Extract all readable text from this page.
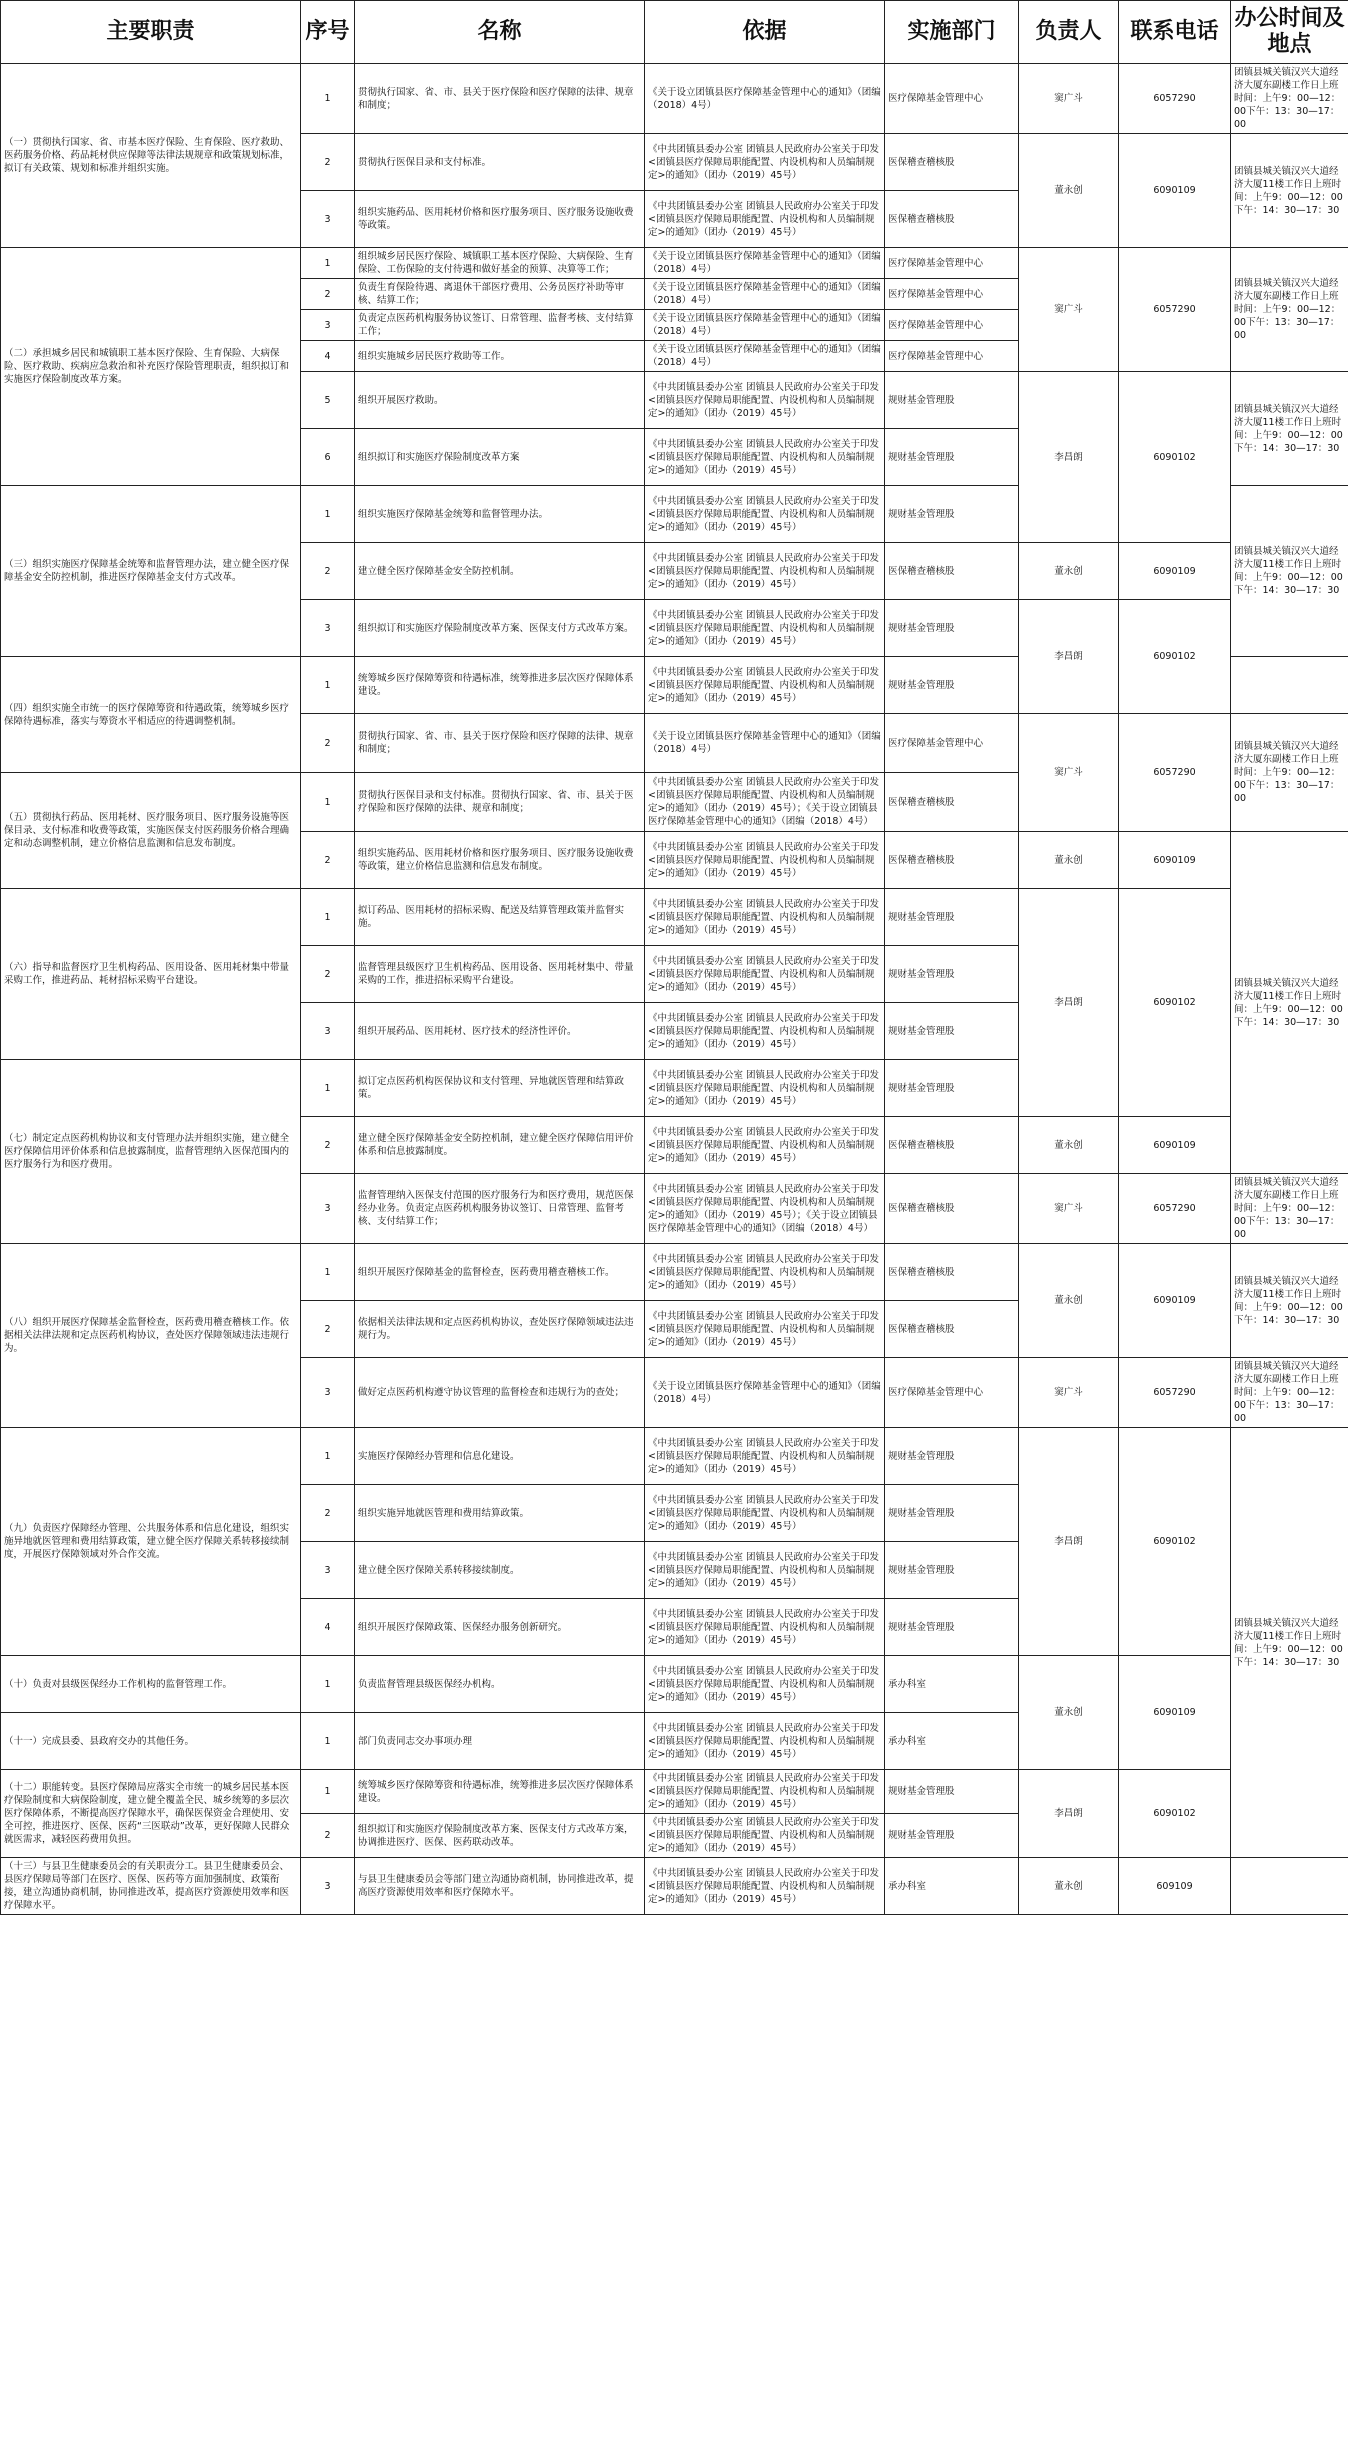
主要职责	序号	名称	依据	实施部门	负责人	联系电话	办公时间及地点
（一）贯彻执行国家、省、市基本医疗保险、生育保险、医疗救助、医药服务价格、药品耗材供应保障等法律法规规章和政策规划标准，拟订有关政策、规划和标准并组织实施。	1	贯彻执行国家、省、市、县关于医疗保险和医疗保障的法律、规章和制度；	《关于设立团镇县医疗保障基金管理中心的通知》（团编（2018）4号）	医疗保障基金管理中心	窦广斗	6057290	团镇县城关镇汉兴大道经济大厦东副楼工作日上班时间：上午9：00—12：00下午：13：30—17：00
	2	贯彻执行医保目录和支付标准。	《中共团镇县委办公室 团镇县人民政府办公室关于印发<团镇县医疗保障局职能配置、内设机构和人员编制规定>的通知》（团办（2019）45号）	医保稽查稽核股	董永创	6090109	团镇县城关镇汉兴大道经济大厦11楼工作日上班时间：上午9：00—12：00下午：14：30—17：30
	3	组织实施药品、医用耗材价格和医疗服务项目、医疗服务设施收费等政策。	《中共团镇县委办公室 团镇县人民政府办公室关于印发<团镇县医疗保障局职能配置、内设机构和人员编制规定>的通知》（团办（2019）45号）	医保稽查稽核股			
（二）承担城乡居民和城镇职工基本医疗保险、生育保险、大病保险、医疗救助、疾病应急救治和补充医疗保险管理职责，组织拟订和实施医疗保险制度改革方案。	1	组织城乡居民医疗保险、城镇职工基本医疗保险、大病保险、生育保险、工伤保险的支付待遇和做好基金的预算、决算等工作；	《关于设立团镇县医疗保障基金管理中心的通知》（团编（2018）4号）	医疗保障基金管理中心	窦广斗	6057290	团镇县城关镇汉兴大道经济大厦东副楼工作日上班时间：上午9：00—12：00下午：13：30—17：00
	2	负责生育保险待遇、离退休干部医疗费用、公务员医疗补助等审核、结算工作；	《关于设立团镇县医疗保障基金管理中心的通知》（团编（2018）4号）	医疗保障基金管理中心			
	3	负责定点医药机构服务协议签订、日常管理、监督考核、支付结算工作；	《关于设立团镇县医疗保障基金管理中心的通知》（团编（2018）4号）	医疗保障基金管理中心			
	4	组织实施城乡居民医疗救助等工作。	《关于设立团镇县医疗保障基金管理中心的通知》（团编（2018）4号）	医疗保障基金管理中心			
	5	组织开展医疗救助。	《中共团镇县委办公室 团镇县人民政府办公室关于印发<团镇县医疗保障局职能配置、内设机构和人员编制规定>的通知》（团办（2019）45号）	规财基金管理股	李昌朗	6090102	团镇县城关镇汉兴大道经济大厦11楼工作日上班时间：上午9：00—12：00下午：14：30—17：30
	6	组织拟订和实施医疗保险制度改革方案	《中共团镇县委办公室 团镇县人民政府办公室关于印发<团镇县医疗保障局职能配置、内设机构和人员编制规定>的通知》（团办（2019）45号）	规财基金管理股			
（三）组织实施医疗保障基金统筹和监督管理办法，建立健全医疗保障基金安全防控机制，推进医疗保障基金支付方式改革。	1	组织实施医疗保障基金统筹和监督管理办法。	《中共团镇县委办公室 团镇县人民政府办公室关于印发<团镇县医疗保障局职能配置、内设机构和人员编制规定>的通知》（团办（2019）45号）	规财基金管理股			团镇县城关镇汉兴大道经济大厦11楼工作日上班时间：上午9：00—12：00下午：14：30—17：30
	2	建立健全医疗保障基金安全防控机制。	《中共团镇县委办公室 团镇县人民政府办公室关于印发<团镇县医疗保障局职能配置、内设机构和人员编制规定>的通知》（团办（2019）45号）	医保稽查稽核股	董永创	6090109	
	3	组织拟订和实施医疗保险制度改革方案、医保支付方式改革方案。	《中共团镇县委办公室 团镇县人民政府办公室关于印发<团镇县医疗保障局职能配置、内设机构和人员编制规定>的通知》（团办（2019）45号）	规财基金管理股	李昌朗	6090102	
（四）组织实施全市统一的医疗保障筹资和待遇政策，统筹城乡医疗保障待遇标准，落实与筹资水平相适应的待遇调整机制。	1	统筹城乡医疗保障筹资和待遇标准，统筹推进多层次医疗保障体系建设。	《中共团镇县委办公室 团镇县人民政府办公室关于印发<团镇县医疗保障局职能配置、内设机构和人员编制规定>的通知》（团办（2019）45号）	规财基金管理股			
	2	贯彻执行国家、省、市、县关于医疗保险和医疗保障的法律、规章和制度；	《关于设立团镇县医疗保障基金管理中心的通知》（团编（2018）4号）	医疗保障基金管理中心	窦广斗	6057290	团镇县城关镇汉兴大道经济大厦东副楼工作日上班时间：上午9：00—12：00下午：13：30—17：00
（五）贯彻执行药品、医用耗材、医疗服务项目、医疗服务设施等医保目录、支付标准和收费等政策，实施医保支付医药服务价格合理确定和动态调整机制，建立价格信息监测和信息发布制度。	1	贯彻执行医保目录和支付标准。贯彻执行国家、省、市、县关于医疗保险和医疗保障的法律、规章和制度；	《中共团镇县委办公室 团镇县人民政府办公室关于印发<团镇县医疗保障局职能配置、内设机构和人员编制规定>的通知》（团办（2019）45号）；《关于设立团镇县医疗保障基金管理中心的通知》（团编（2018）4号）	医保稽查稽核股			
	2	组织实施药品、医用耗材价格和医疗服务项目、医疗服务设施收费等政策，建立价格信息监测和信息发布制度。	《中共团镇县委办公室 团镇县人民政府办公室关于印发<团镇县医疗保障局职能配置、内设机构和人员编制规定>的通知》（团办（2019）45号）	医保稽查稽核股	董永创	6090109	团镇县城关镇汉兴大道经济大厦11楼工作日上班时间：上午9：00—12：00下午：14：30—17：30
（六）指导和监督医疗卫生机构药品、医用设备、医用耗材集中带量采购工作，推进药品、耗材招标采购平台建设。	1	拟订药品、医用耗材的招标采购、配送及结算管理政策并监督实施。	《中共团镇县委办公室 团镇县人民政府办公室关于印发<团镇县医疗保障局职能配置、内设机构和人员编制规定>的通知》（团办（2019）45号）	规财基金管理股	李昌朗	6090102	
	2	监督管理县级医疗卫生机构药品、医用设备、医用耗材集中、带量采购的工作，推进招标采购平台建设。	《中共团镇县委办公室 团镇县人民政府办公室关于印发<团镇县医疗保障局职能配置、内设机构和人员编制规定>的通知》（团办（2019）45号）	规财基金管理股			
	3	组织开展药品、医用耗材、医疗技术的经济性评价。	《中共团镇县委办公室 团镇县人民政府办公室关于印发<团镇县医疗保障局职能配置、内设机构和人员编制规定>的通知》（团办（2019）45号）	规财基金管理股			
（七）制定定点医药机构协议和支付管理办法并组织实施，建立健全医疗保障信用评价体系和信息披露制度，监督管理纳入医保范围内的医疗服务行为和医疗费用。	1	拟订定点医药机构医保协议和支付管理、异地就医管理和结算政策。	《中共团镇县委办公室 团镇县人民政府办公室关于印发<团镇县医疗保障局职能配置、内设机构和人员编制规定>的通知》（团办（2019）45号）	规财基金管理股			
	2	建立健全医疗保障基金安全防控机制，建立健全医疗保障信用评价体系和信息披露制度。	《中共团镇县委办公室 团镇县人民政府办公室关于印发<团镇县医疗保障局职能配置、内设机构和人员编制规定>的通知》（团办（2019）45号）	医保稽查稽核股	董永创	6090109	
	3	监督管理纳入医保支付范围的医疗服务行为和医疗费用，规范医保经办业务。负责定点医药机构服务协议签订、日常管理、监督考核、支付结算工作；	《中共团镇县委办公室 团镇县人民政府办公室关于印发<团镇县医疗保障局职能配置、内设机构和人员编制规定>的通知》（团办（2019）45号）；《关于设立团镇县医疗保障基金管理中心的通知》（团编（2018）4号）	医保稽查稽核股	窦广斗	6057290	团镇县城关镇汉兴大道经济大厦东副楼工作日上班时间：上午9：00—12：00下午：13：30—17：00
（八）组织开展医疗保障基金监督检查，医药费用稽查稽核工作。依据相关法律法规和定点医药机构协议，查处医疗保障领域违法违规行为。	1	组织开展医疗保障基金的监督检查，医药费用稽查稽核工作。	《中共团镇县委办公室 团镇县人民政府办公室关于印发<团镇县医疗保障局职能配置、内设机构和人员编制规定>的通知》（团办（2019）45号）	医保稽查稽核股	董永创	6090109	团镇县城关镇汉兴大道经济大厦11楼工作日上班时间：上午9：00—12：00下午：14：30—17：30
	2	依据相关法律法规和定点医药机构协议，查处医疗保障领域违法违规行为。	《中共团镇县委办公室 团镇县人民政府办公室关于印发<团镇县医疗保障局职能配置、内设机构和人员编制规定>的通知》（团办（2019）45号）	医保稽查稽核股			
	3	做好定点医药机构遵守协议管理的监督检查和违规行为的查处；	《关于设立团镇县医疗保障基金管理中心的通知》（团编（2018）4号）	医疗保障基金管理中心	窦广斗	6057290	团镇县城关镇汉兴大道经济大厦东副楼工作日上班时间：上午9：00—12：00下午：13：30—17：00
（九）负责医疗保障经办管理、公共服务体系和信息化建设，组织实施异地就医管理和费用结算政策，建立健全医疗保障关系转移接续制度，开展医疗保障领域对外合作交流。	1	实施医疗保障经办管理和信息化建设。	《中共团镇县委办公室 团镇县人民政府办公室关于印发<团镇县医疗保障局职能配置、内设机构和人员编制规定>的通知》（团办（2019）45号）	规财基金管理股	李昌朗	6090102	团镇县城关镇汉兴大道经济大厦11楼工作日上班时间：上午9：00—12：00下午：14：30—17：30
	2	组织实施异地就医管理和费用结算政策。	《中共团镇县委办公室 团镇县人民政府办公室关于印发<团镇县医疗保障局职能配置、内设机构和人员编制规定>的通知》（团办（2019）45号）	规财基金管理股			
	3	建立健全医疗保障关系转移接续制度。	《中共团镇县委办公室 团镇县人民政府办公室关于印发<团镇县医疗保障局职能配置、内设机构和人员编制规定>的通知》（团办（2019）45号）	规财基金管理股			
	4	组织开展医疗保障政策、医保经办服务创新研究。	《中共团镇县委办公室 团镇县人民政府办公室关于印发<团镇县医疗保障局职能配置、内设机构和人员编制规定>的通知》（团办（2019）45号）	规财基金管理股			
（十）负责对县级医保经办工作机构的监督管理工作。	1	负责监督管理县级医保经办机构。	《中共团镇县委办公室 团镇县人民政府办公室关于印发<团镇县医疗保障局职能配置、内设机构和人员编制规定>的通知》（团办（2019）45号）	承办科室	董永创	6090109	
（十一）完成县委、县政府交办的其他任务。	1	部门负责同志交办事项办理	《中共团镇县委办公室 团镇县人民政府办公室关于印发<团镇县医疗保障局职能配置、内设机构和人员编制规定>的通知》（团办（2019）45号）	承办科室			
（十二）职能转变。县医疗保障局应落实全市统一的城乡居民基本医疗保险制度和大病保险制度，建立健全覆盖全民、城乡统筹的多层次医疗保障体系，不断提高医疗保障水平，确保医保资金合理使用、安全可控，推进医疗、医保、医药“三医联动”改革，更好保障人民群众就医需求，减轻医药费用负担。	1	统筹城乡医疗保障筹资和待遇标准，统筹推进多层次医疗保障体系建设。	《中共团镇县委办公室 团镇县人民政府办公室关于印发<团镇县医疗保障局职能配置、内设机构和人员编制规定>的通知》（团办（2019）45号）	规财基金管理股	李昌朗	6090102	
	2	组织拟订和实施医疗保险制度改革方案、医保支付方式改革方案，协调推进医疗、医保、医药联动改革。	《中共团镇县委办公室 团镇县人民政府办公室关于印发<团镇县医疗保障局职能配置、内设机构和人员编制规定>的通知》（团办（2019）45号）	规财基金管理股			
（十三）与县卫生健康委员会的有关职责分工。县卫生健康委员会、县医疗保障局等部门在医疗、医保、医药等方面加强制度、政策衔接，建立沟通协商机制，协同推进改革，提高医疗资源使用效率和医疗保障水平。	3	与县卫生健康委员会等部门建立沟通协商机制，协同推进改革，提高医疗资源使用效率和医疗保障水平。	《中共团镇县委办公室 团镇县人民政府办公室关于印发<团镇县医疗保障局职能配置、内设机构和人员编制规定>的通知》（团办（2019）45号）	承办科室	董永创	609109	
